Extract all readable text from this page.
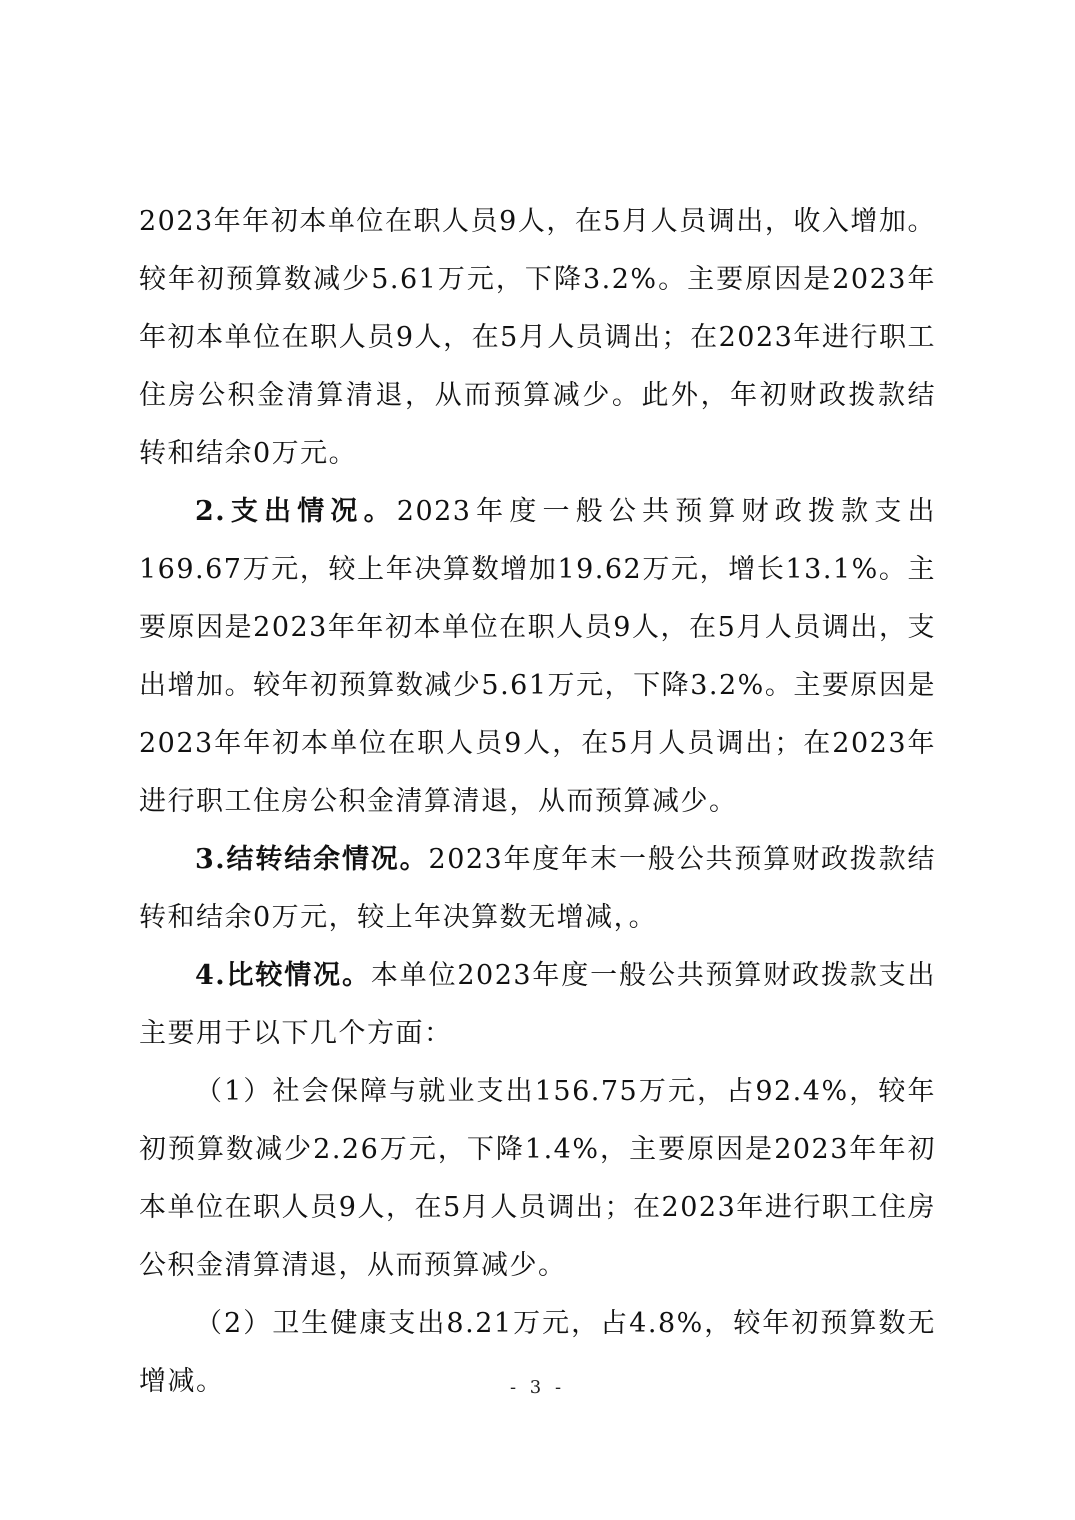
2023年年初本单位在职人员9人，在5月人员调出，收入增加。较年初预算数减少5.61万元，下降3.2%。主要原因是2023年年初本单位在职人员9人，在5月人员调出；在2023年进行职工住房公积金清算清退，从而预算减少。此外，年初财政拨款结转和结余0万元。

2.支出情况。2023年度一般公共预算财政拨款支出169.67万元，较上年决算数增加19.62万元，增长13.1%。主要原因是2023年年初本单位在职人员9人，在5月人员调出，支出增加。较年初预算数减少5.61万元，下降3.2%。主要原因是2023年年初本单位在职人员9人，在5月人员调出；在2023年进行职工住房公积金清算清退，从而预算减少。

3.结转结余情况。2023年度年末一般公共预算财政拨款结转和结余0万元，较上年决算数无增减，。

4.比较情况。本单位2023年度一般公共预算财政拨款支出主要用于以下几个方面：

（1）社会保障与就业支出156.75万元，占92.4%，较年初预算数减少2.26万元，下降1.4%，主要原因是2023年年初本单位在职人员9人，在5月人员调出；在2023年进行职工住房公积金清算清退，从而预算减少。

（2）卫生健康支出8.21万元，占4.8%，较年初预算数无增减。	- 3 -
